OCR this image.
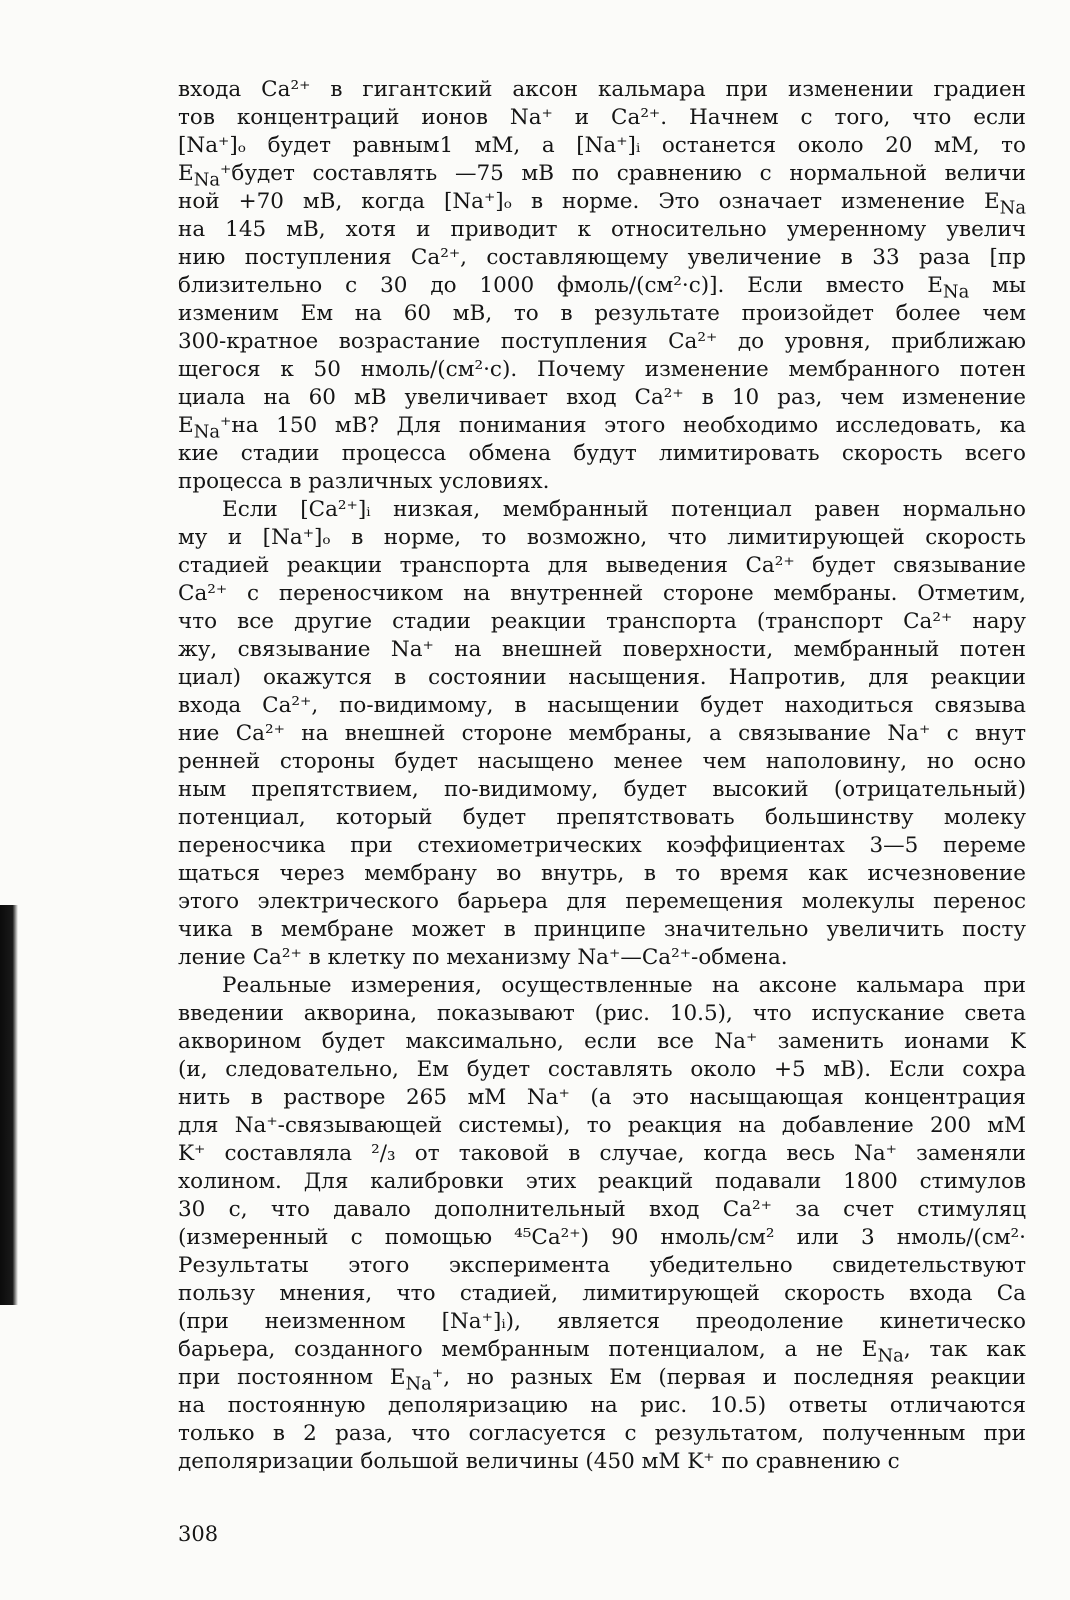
входа Ca²⁺ в гигантский аксон кальмара при изменении градиен
тов концентраций ионов Na⁺ и Ca²⁺. Начнем с того, что если
[Na⁺]ₒ будет равным1 мМ, а [Na⁺]ᵢ останется около 20 мМ, то
$E_{Na}^+будет$ составлять —75 мВ по сравнению с нормальной величи
ной +70 мВ, когда [Na⁺]ₒ в норме. Это означает изменение $E_{Na}$
на 145 мВ, хотя и приводит к относительно умеренному увелич
нию поступления Ca²⁺, составляющему увеличение в 33 раза [пр
близительно с 30 до 1000 фмоль/(см²·с)]. Если вместо $E_{Na}$ мы
изменим Eм на 60 мВ, то в результате произойдет более чем
300-кратное возрастание поступления Ca²⁺ до уровня, приближаю
щегося к 50 нмоль/(см²·с). Почему изменение мембранного потен
циала на 60 мВ увеличивает вход Ca²⁺ в 10 раз, чем изменение
$E_{Na}^+на$ 150 мВ? Для понимания этого необходимо исследовать, ка
кие стадии процесса обмена будут лимитировать скорость всего
процесса в различных условиях.
Если [Ca²⁺]ᵢ низкая, мембранный потенциал равен нормально
му и [Na⁺]ₒ в норме, то возможно, что лимитирующей скорость
стадией реакции транспорта для выведения Ca²⁺ будет связывание
Ca²⁺ с переносчиком на внутренней стороне мембраны. Отметим,
что все другие стадии реакции транспорта (транспорт Ca²⁺ нару
жу, связывание Na⁺ на внешней поверхности, мембранный потен
циал) окажутся в состоянии насыщения. Напротив, для реакции
входа Ca²⁺, по-видимому, в насыщении будет находиться связыва
ние Ca²⁺ на внешней стороне мембраны, а связывание Na⁺ с внут
ренней стороны будет насыщено менее чем наполовину, но осно
ным препятствием, по-видимому, будет высокий (отрицательный)
потенциал, который будет препятствовать большинству молеку
переносчика при стехиометрических коэффициентах 3—5 переме
щаться через мембрану во внутрь, в то время как исчезновение
этого электрического барьера для перемещения молекулы перенос
чика в мембране может в принципе значительно увеличить посту
ление Ca²⁺ в клетку по механизму Na⁺—Ca²⁺-обмена.
Реальные измерения, осуществленные на аксоне кальмара при
введении акворина, показывают (рис. 10.5), что испускание света
акворином будет максимально, если все Na⁺ заменить ионами K
(и, следовательно, Eм будет составлять около +5 мВ). Если сохра
нить в растворе 265 мМ Na⁺ (а это насыщающая концентрация
для Na⁺-связывающей системы), то реакция на добавление 200 мМ
K⁺ составляла ²/₃ от таковой в случае, когда весь Na⁺ заменяли
холином. Для калибровки этих реакций подавали 1800 стимулов
30 с, что давало дополнительный вход Ca²⁺ за счет стимуляц
(измеренный с помощью ⁴⁵Ca²⁺) 90 нмоль/см² или 3 нмоль/(см²·
Результаты этого эксперимента убедительно свидетельствуют
пользу мнения, что стадией, лимитирующей скорость входа Ca
(при неизменном [Na⁺]ᵢ), является преодоление кинетическо
барьера, созданного мембранным потенциалом, а не $E_{Na}$, так как
при постоянном $E_{Na}^+$, но разных Eм (первая и последняя реакции
на постоянную деполяризацию на рис. 10.5) ответы отличаются
только в 2 раза, что согласуется с результатом, полученным при
деполяризации большой величины (450 мМ K⁺ по сравнению с
308
